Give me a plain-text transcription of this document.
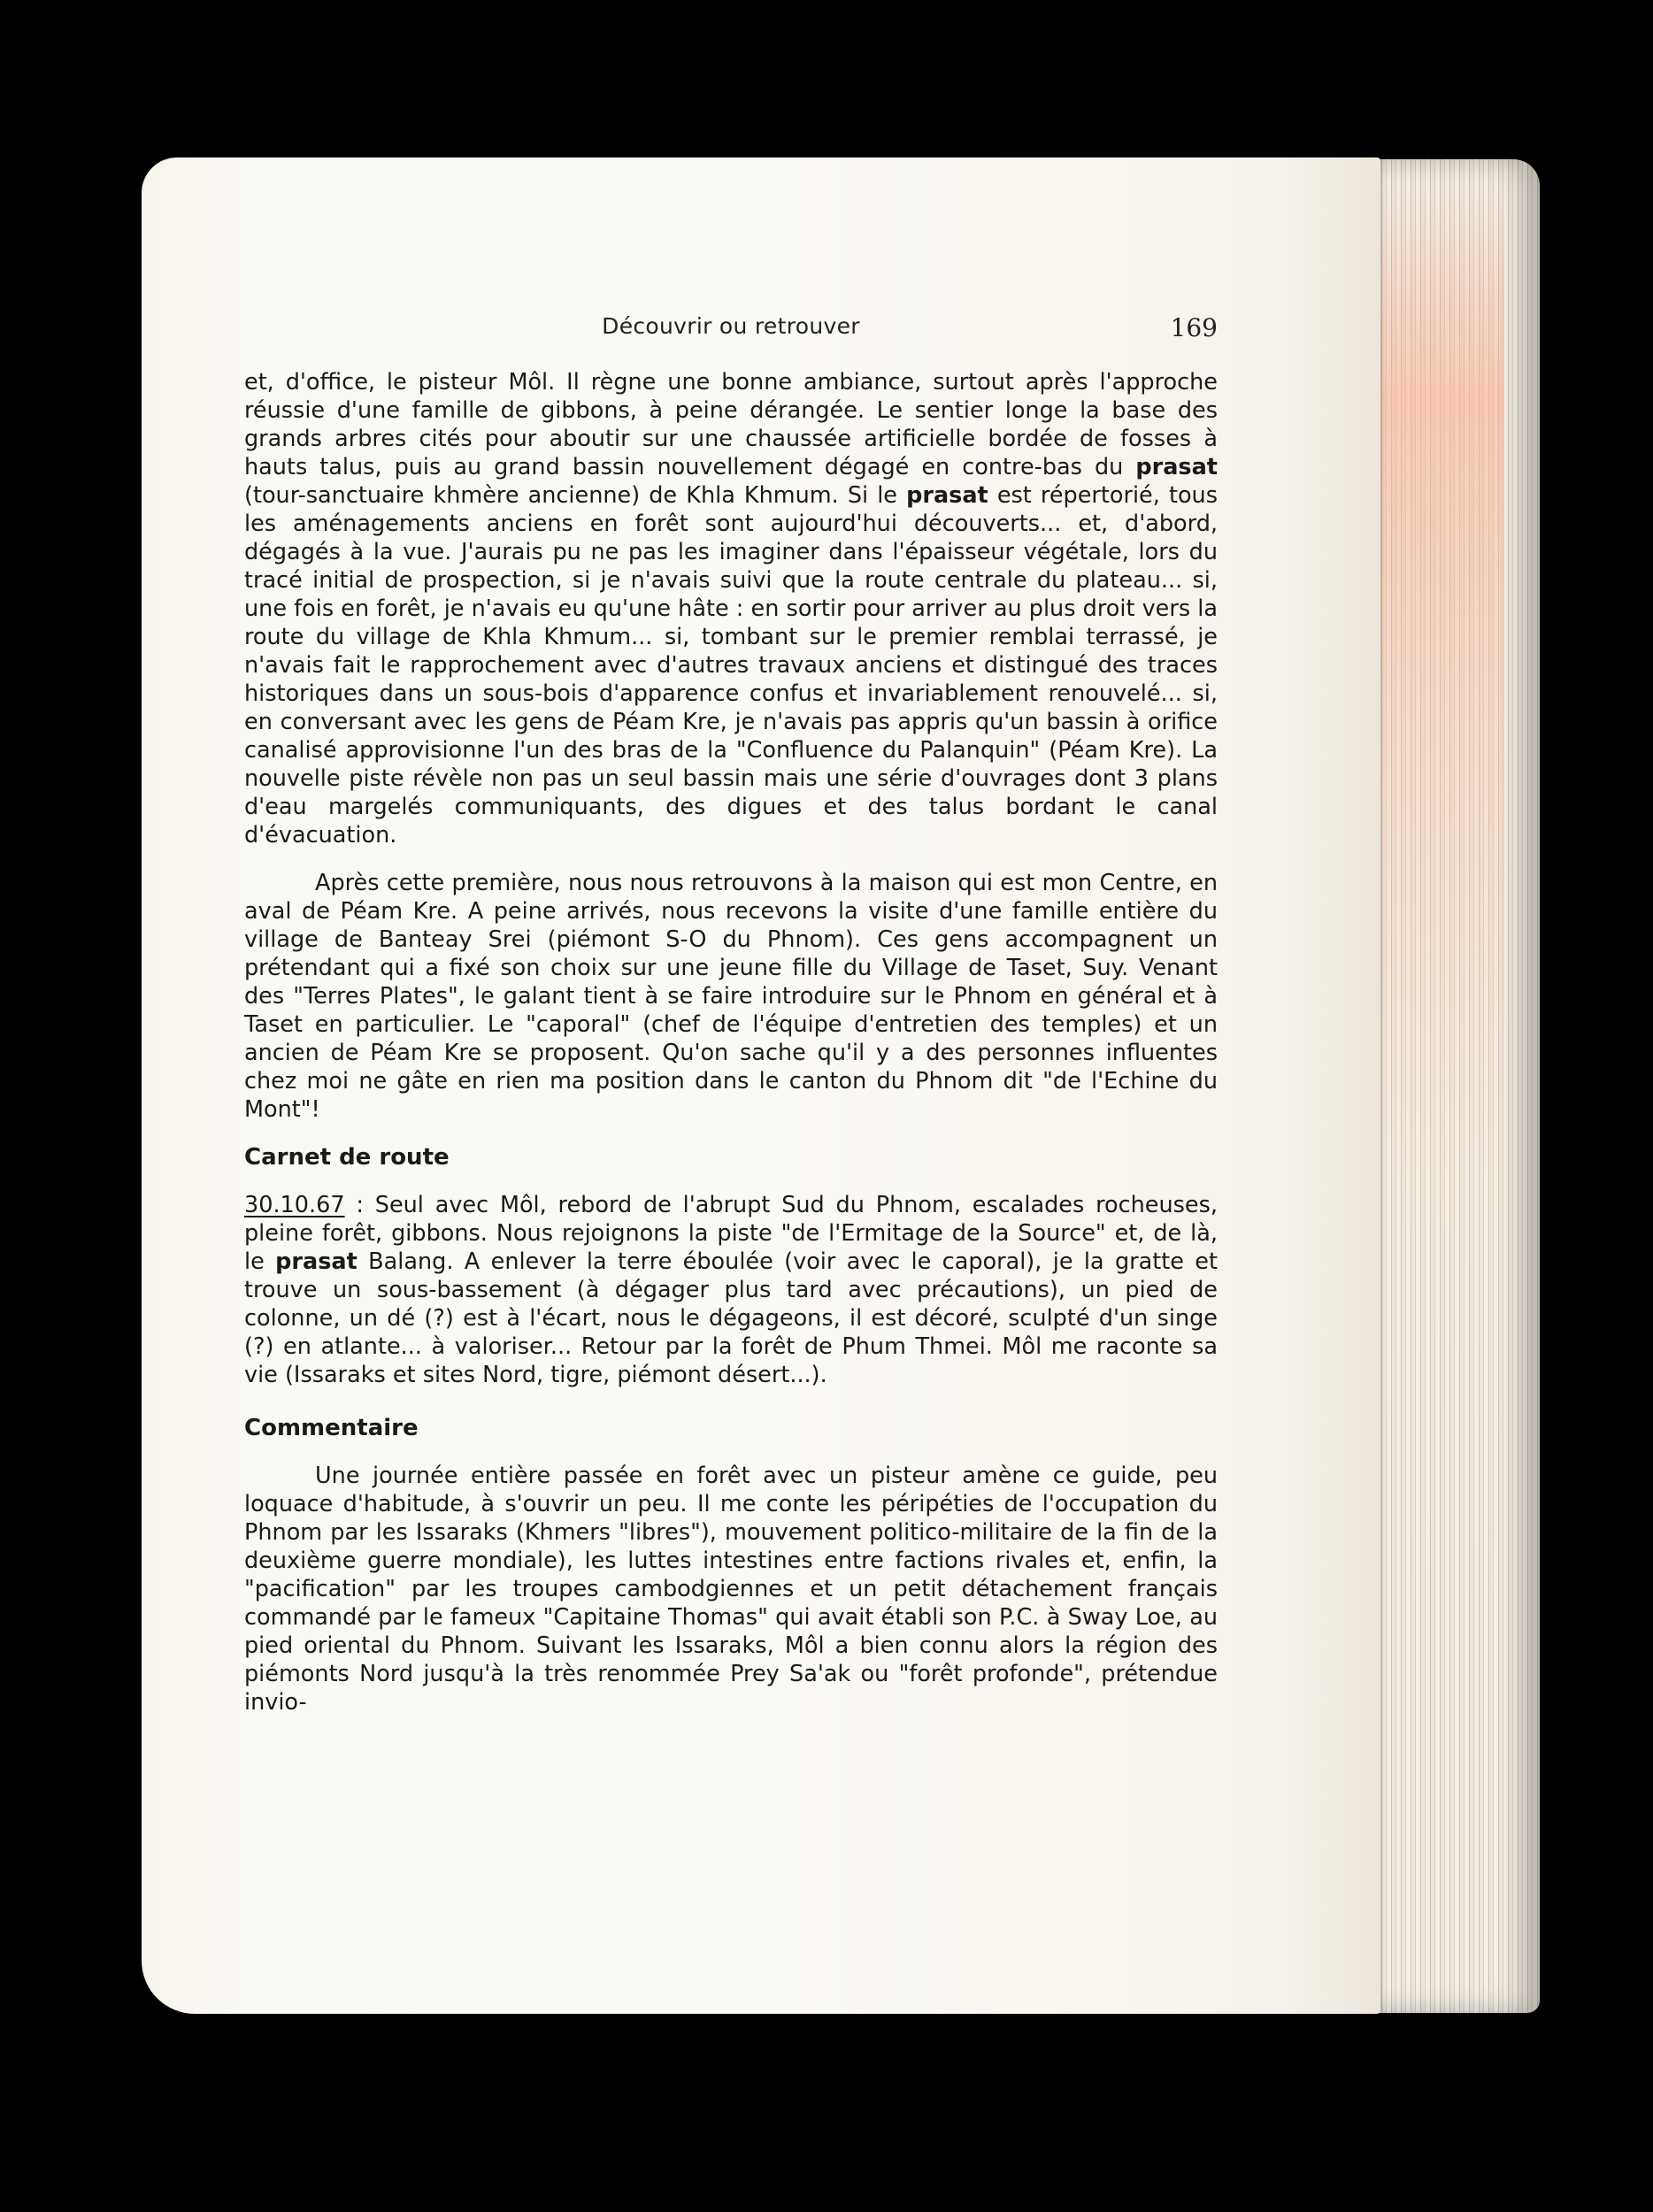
Découvrir ou retrouver	169

et, d'office, le pisteur Môl. Il règne une bonne ambiance, surtout après l'approche réussie d'une famille de gibbons, à peine dérangée. Le sentier longe la base des grands arbres cités pour aboutir sur une chaussée artificielle bordée de fosses à hauts talus, puis au grand bassin nouvellement dégagé en contre-bas du prasat (tour-sanctuaire khmère ancienne) de Khla Khmum. Si le prasat est répertorié, tous les aménagements anciens en forêt sont aujourd'hui découverts... et, d'abord, dégagés à la vue. J'aurais pu ne pas les imaginer dans l'épaisseur végétale, lors du tracé initial de prospection, si je n'avais suivi que la route centrale du plateau... si, une fois en forêt, je n'avais eu qu'une hâte : en sortir pour arriver au plus droit vers la route du village de Khla Khmum... si, tombant sur le premier remblai terrassé, je n'avais fait le rapprochement avec d'autres travaux anciens et distingué des traces historiques dans un sous-bois d'apparence confus et invariablement renouvelé... si, en conversant avec les gens de Péam Kre, je n'avais pas appris qu'un bassin à orifice canalisé approvisionne l'un des bras de la "Confluence du Palanquin" (Péam Kre). La nouvelle piste révèle non pas un seul bassin mais une série d'ouvrages dont 3 plans d'eau margelés communiquants, des digues et des talus bordant le canal d'évacuation.

Après cette première, nous nous retrouvons à la maison qui est mon Centre, en aval de Péam Kre. A peine arrivés, nous recevons la visite d'une famille entière du village de Banteay Srei (piémont S-O du Phnom). Ces gens accompagnent un prétendant qui a fixé son choix sur une jeune fille du Village de Taset, Suy. Venant des "Terres Plates", le galant tient à se faire introduire sur le Phnom en général et à Taset en particulier. Le "caporal" (chef de l'équipe d'entretien des temples) et un ancien de Péam Kre se proposent. Qu'on sache qu'il y a des personnes influentes chez moi ne gâte en rien ma position dans le canton du Phnom dit "de l'Echine du Mont"!

Carnet de route

30.10.67 : Seul avec Môl, rebord de l'abrupt Sud du Phnom, escalades rocheuses, pleine forêt, gibbons. Nous rejoignons la piste "de l'Ermitage de la Source" et, de là, le prasat Balang. A enlever la terre éboulée (voir avec le caporal), je la gratte et trouve un sous-bassement (à dégager plus tard avec précautions), un pied de colonne, un dé (?) est à l'écart, nous le dégageons, il est décoré, sculpté d'un singe (?) en atlante... à valoriser... Retour par la forêt de Phum Thmei. Môl me raconte sa vie (Issaraks et sites Nord, tigre, piémont désert...).

Commentaire

Une journée entière passée en forêt avec un pisteur amène ce guide, peu loquace d'habitude, à s'ouvrir un peu. Il me conte les péripéties de l'occupation du Phnom par les Issaraks (Khmers "libres"), mouvement politico-militaire de la fin de la deuxième guerre mondiale), les luttes intestines entre factions rivales et, enfin, la "pacification" par les troupes cambodgiennes et un petit détachement français commandé par le fameux "Capitaine Thomas" qui avait établi son P.C. à Sway Loe, au pied oriental du Phnom. Suivant les Issaraks, Môl a bien connu alors la région des piémonts Nord jusqu'à la très renommée Prey Sa'ak ou "forêt profonde", prétendue invio-
